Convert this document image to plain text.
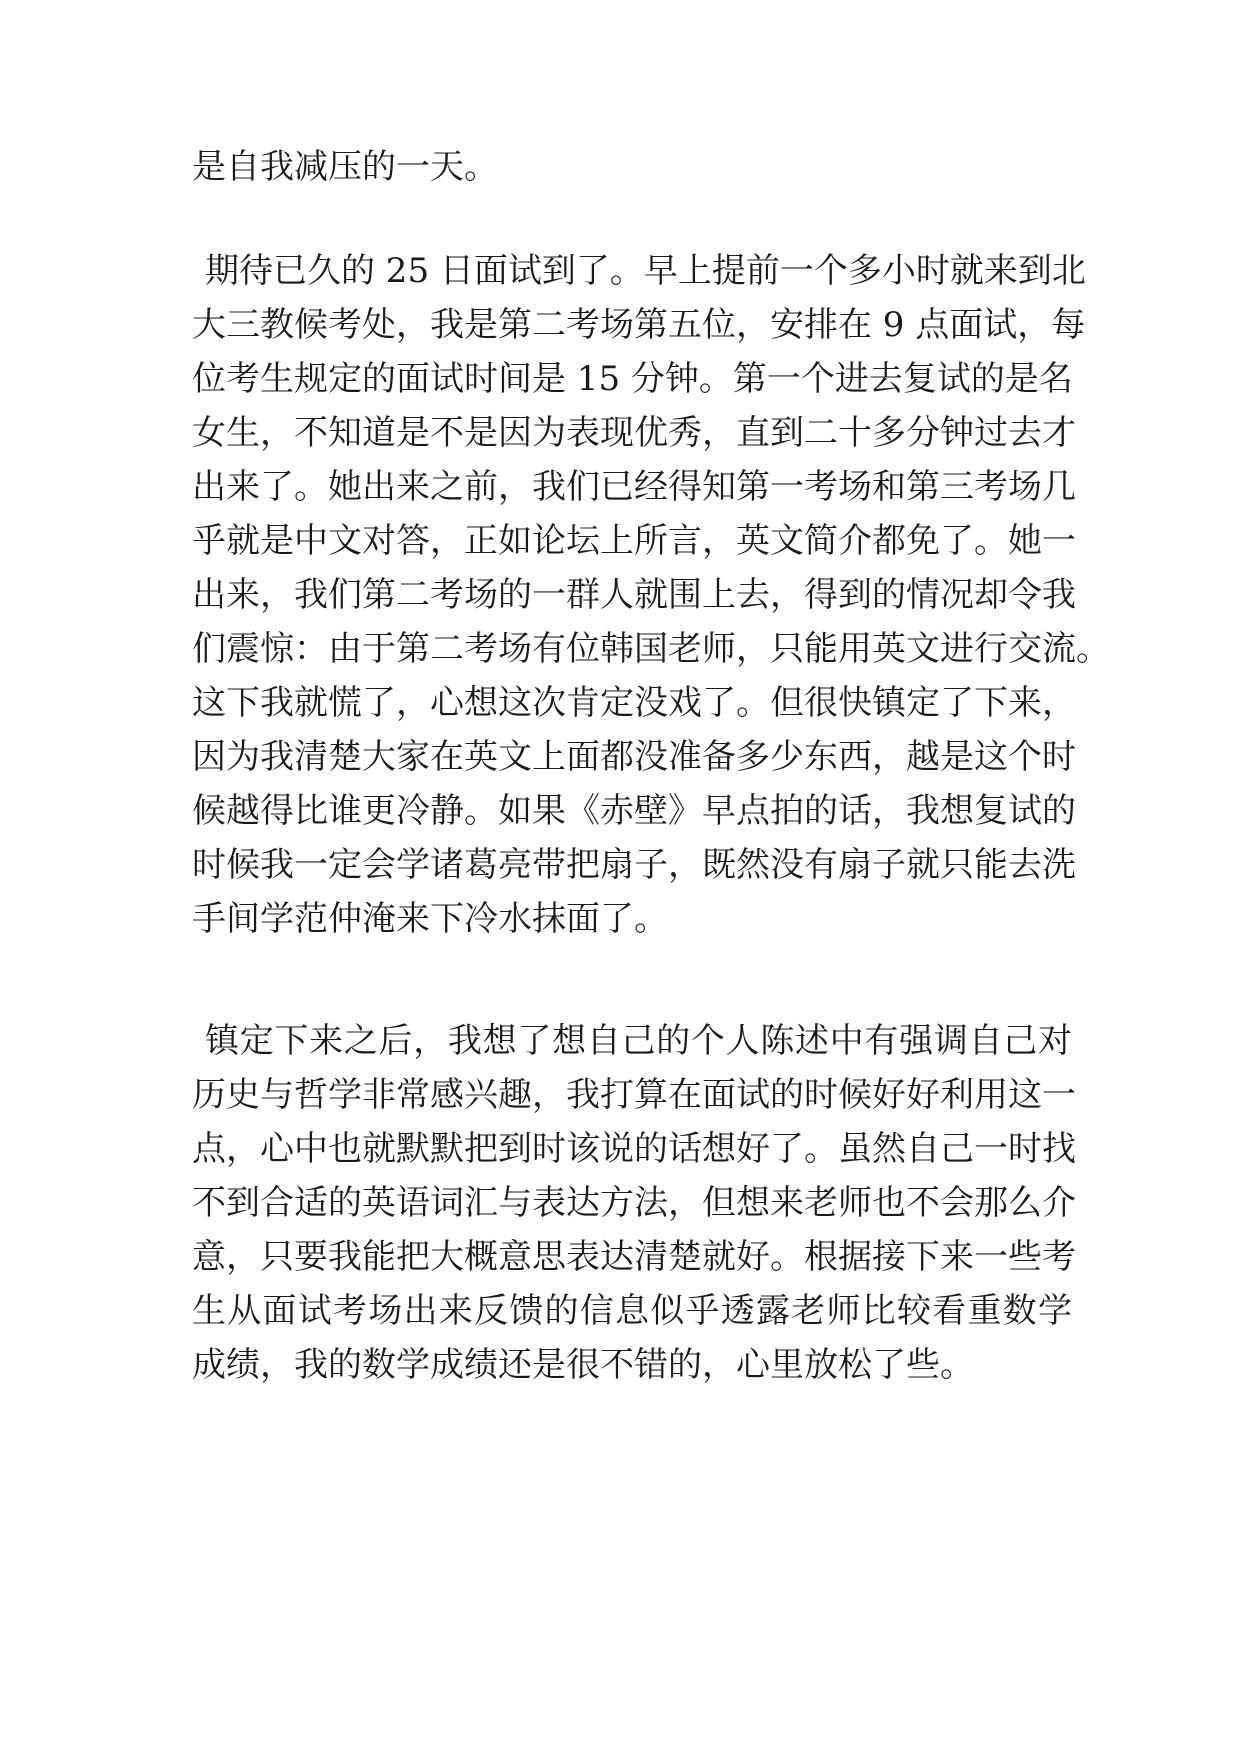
是自我减压的一天。

期待已久的 25 日面试到了。早上提前一个多小时就来到北

大三教候考处，我是第二考场第五位，安排在 9 点面试，每

位考生规定的面试时间是 15 分钟。第一个进去复试的是名

女生，不知道是不是因为表现优秀，直到二十多分钟过去才

出来了。她出来之前，我们已经得知第一考场和第三考场几

乎就是中文对答，正如论坛上所言，英文简介都免了。她一

出来，我们第二考场的一群人就围上去，得到的情况却令我

们震惊：由于第二考场有位韩国老师，只能用英文进行交流。

这下我就慌了，心想这次肯定没戏了。但很快镇定了下来，

因为我清楚大家在英文上面都没准备多少东西，越是这个时

候越得比谁更冷静。如果《赤壁》早点拍的话，我想复试的

时候我一定会学诸葛亮带把扇子，既然没有扇子就只能去洗

手间学范仲淹来下冷水抹面了。

镇定下来之后，我想了想自己的个人陈述中有强调自己对

历史与哲学非常感兴趣，我打算在面试的时候好好利用这一

点，心中也就默默把到时该说的话想好了。虽然自己一时找

不到合适的英语词汇与表达方法，但想来老师也不会那么介

意，只要我能把大概意思表达清楚就好。根据接下来一些考

生从面试考场出来反馈的信息似乎透露老师比较看重数学

成绩，我的数学成绩还是很不错的，心里放松了些。
